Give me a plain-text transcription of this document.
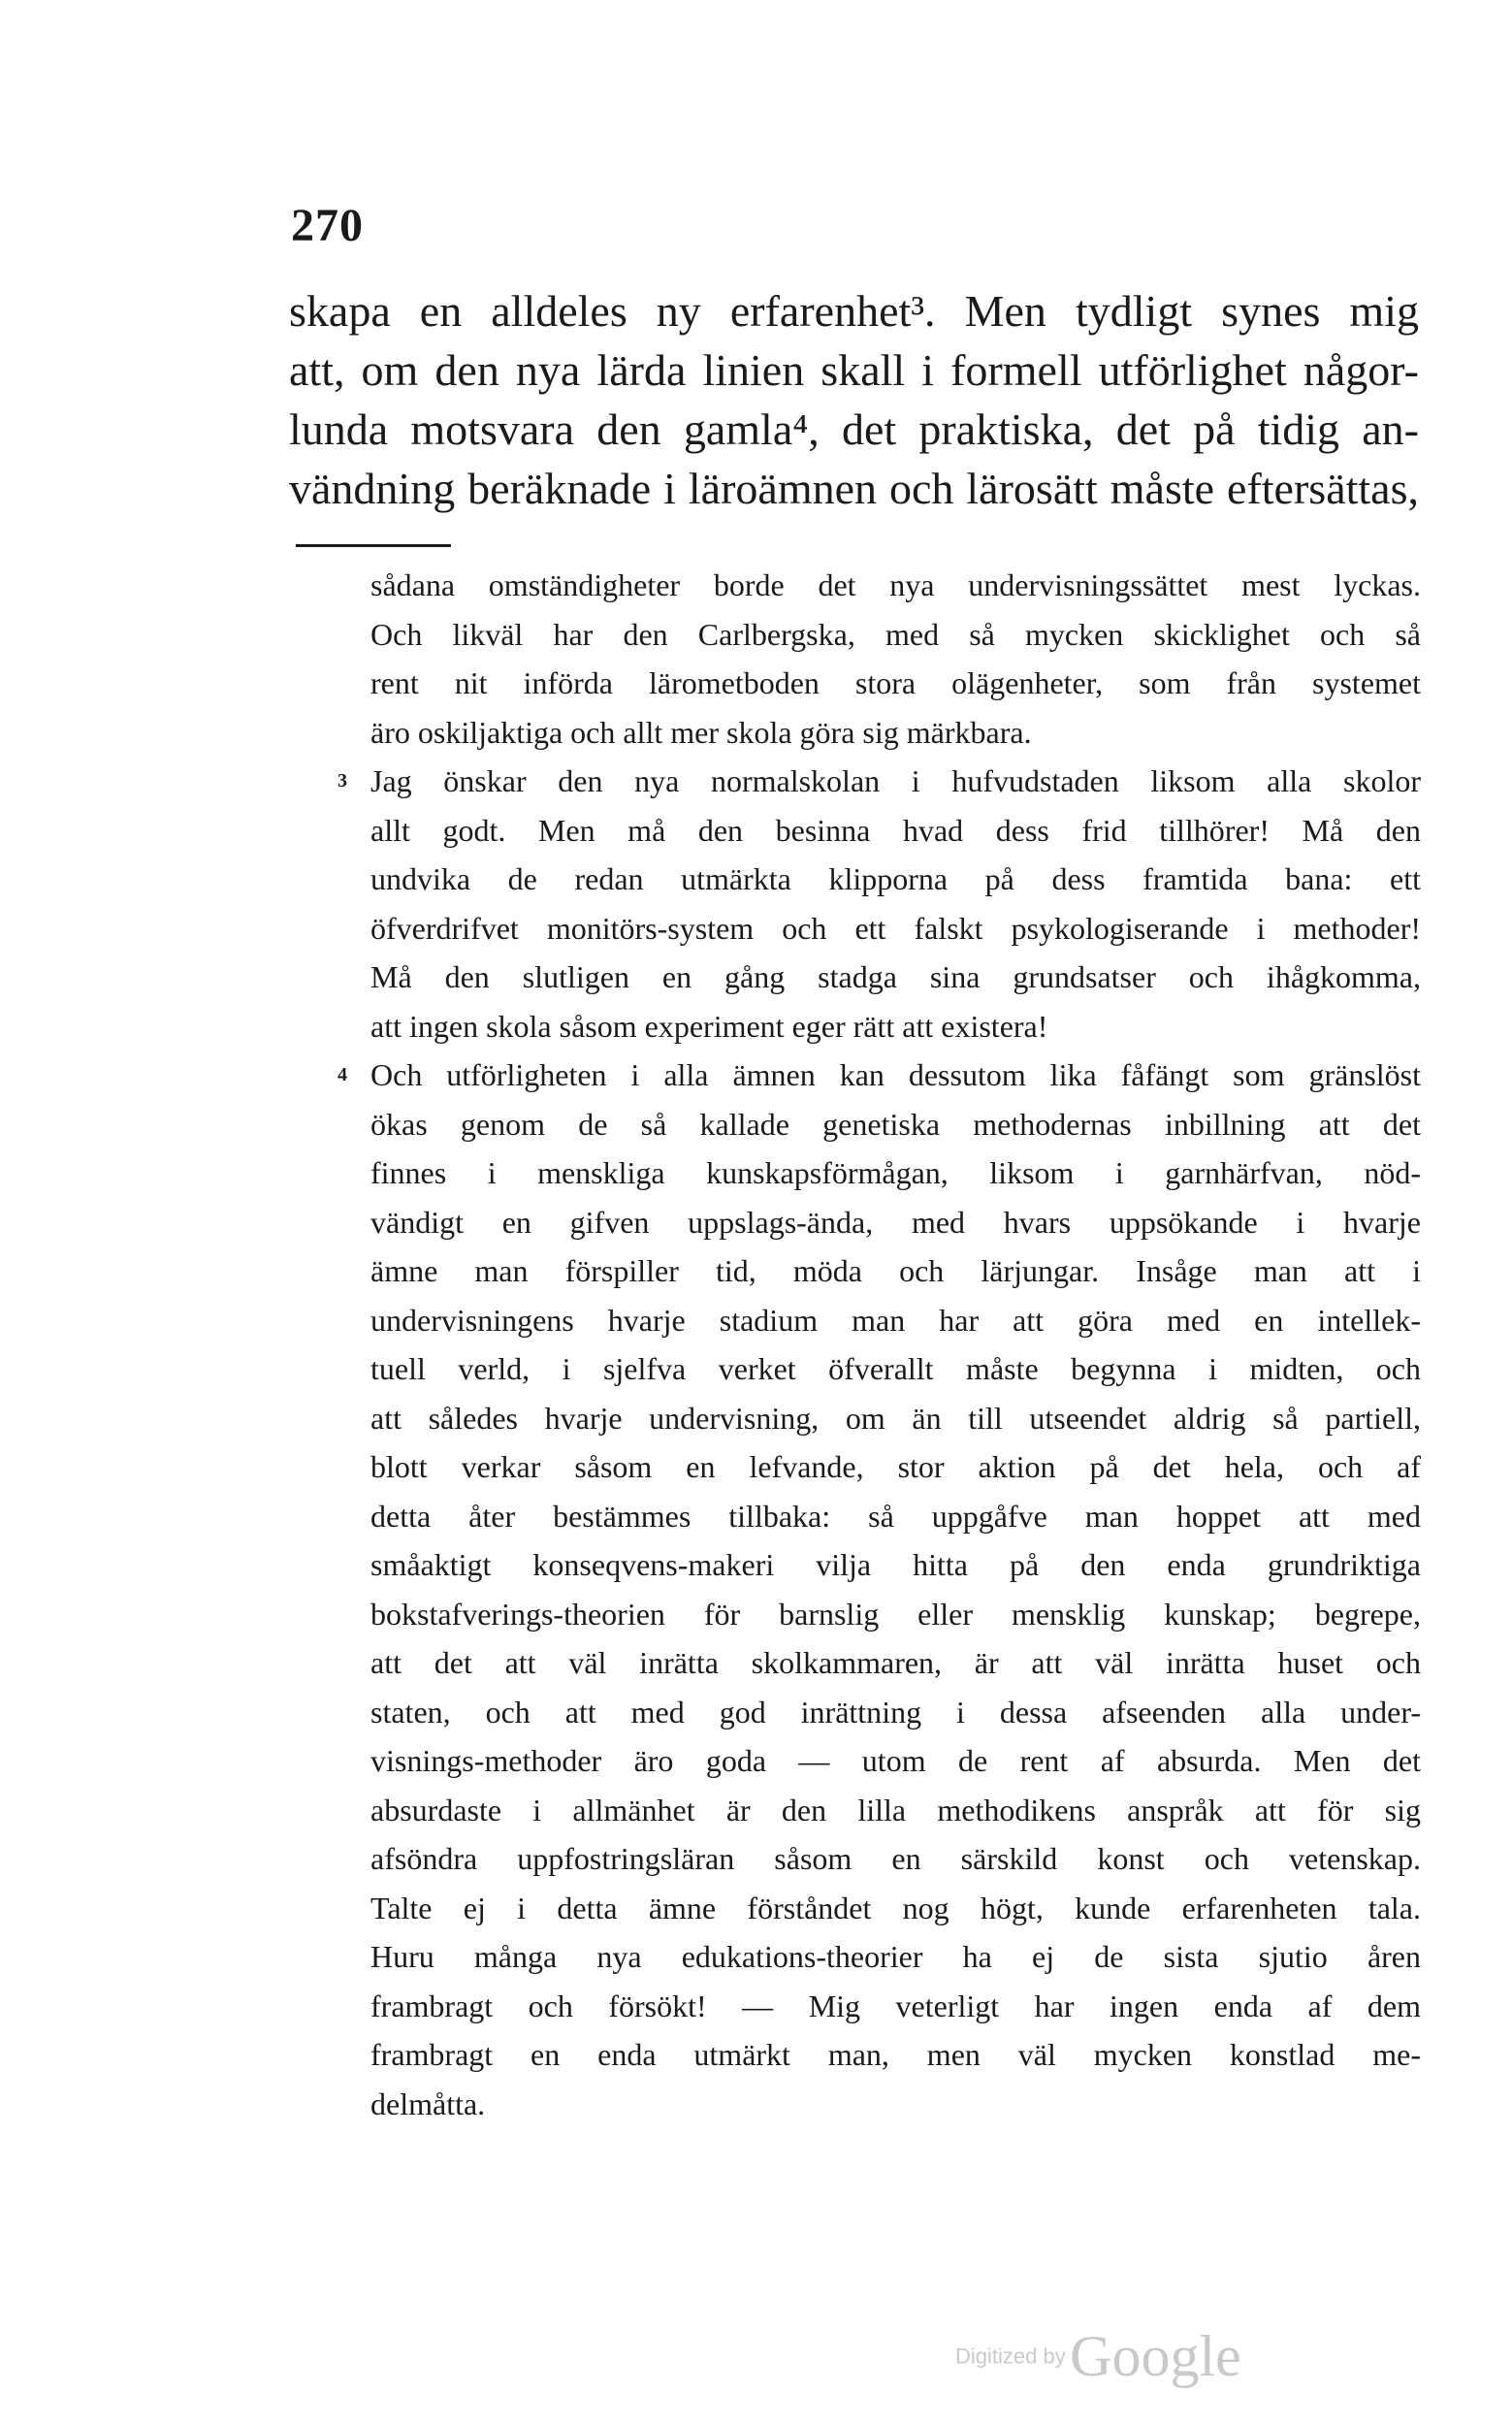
270
skapa en alldeles ny erfarenhet³. Men tydligt synes mig
att, om den nya lärda linien skall i formell utförlighet någor-
lunda motsvara den gamla⁴, det praktiska, det på tidig an-
vändning beräknade i läroämnen och lärosätt måste eftersättas,
sådana omständigheter borde det nya undervisningssättet mest lyckas.
Och likväl har den Carlbergska, med så mycken skicklighet och så
rent nit införda lärometboden stora olägenheter, som från systemet
äro oskiljaktiga och allt mer skola göra sig märkbara.
3 Jag önskar den nya normalskolan i hufvudstaden liksom alla skolor
allt godt. Men må den besinna hvad dess frid tillhörer! Må den
undvika de redan utmärkta klipporna på dess framtida bana: ett
öfverdrifvet monitörs-system och ett falskt psykologiserande i methoder!
Må den slutligen en gång stadga sina grundsatser och ihågkomma,
att ingen skola såsom experiment eger rätt att existera!
4 Och utförligheten i alla ämnen kan dessutom lika fåfängt som gränslöst
ökas genom de så kallade genetiska methodernas inbillning att det
finnes i menskliga kunskapsförmågan, liksom i garnhärfvan, nöd-
vändigt en gifven uppslags-ända, med hvars uppsökande i hvarje
ämne man förspiller tid, möda och lärjungar. Insåge man att i
undervisningens hvarje stadium man har att göra med en intellek-
tuell verld, i sjelfva verket öfverallt måste begynna i midten, och
att således hvarje undervisning, om än till utseendet aldrig så partiell,
blott verkar såsom en lefvande, stor aktion på det hela, och af
detta åter bestämmes tillbaka: så uppgåfve man hoppet att med
småaktigt konseqvens-makeri vilja hitta på den enda grundriktiga
bokstafverings-theorien för barnslig eller mensklig kunskap; begrepe,
att det att väl inrätta skolkammaren, är att väl inrätta huset och
staten, och att med god inrättning i dessa afseenden alla under-
visnings-methoder äro goda — utom de rent af absurda. Men det
absurdaste i allmänhet är den lilla methodikens anspråk att för sig
afsöndra uppfostringsläran såsom en särskild konst och vetenskap.
Talte ej i detta ämne förståndet nog högt, kunde erfarenheten tala.
Huru många nya edukations-theorier ha ej de sista sjutio åren
frambragt och försökt! — Mig veterligt har ingen enda af dem
frambragt en enda utmärkt man, men väl mycken konstlad me-
delmåtta.
Digitized by Google
